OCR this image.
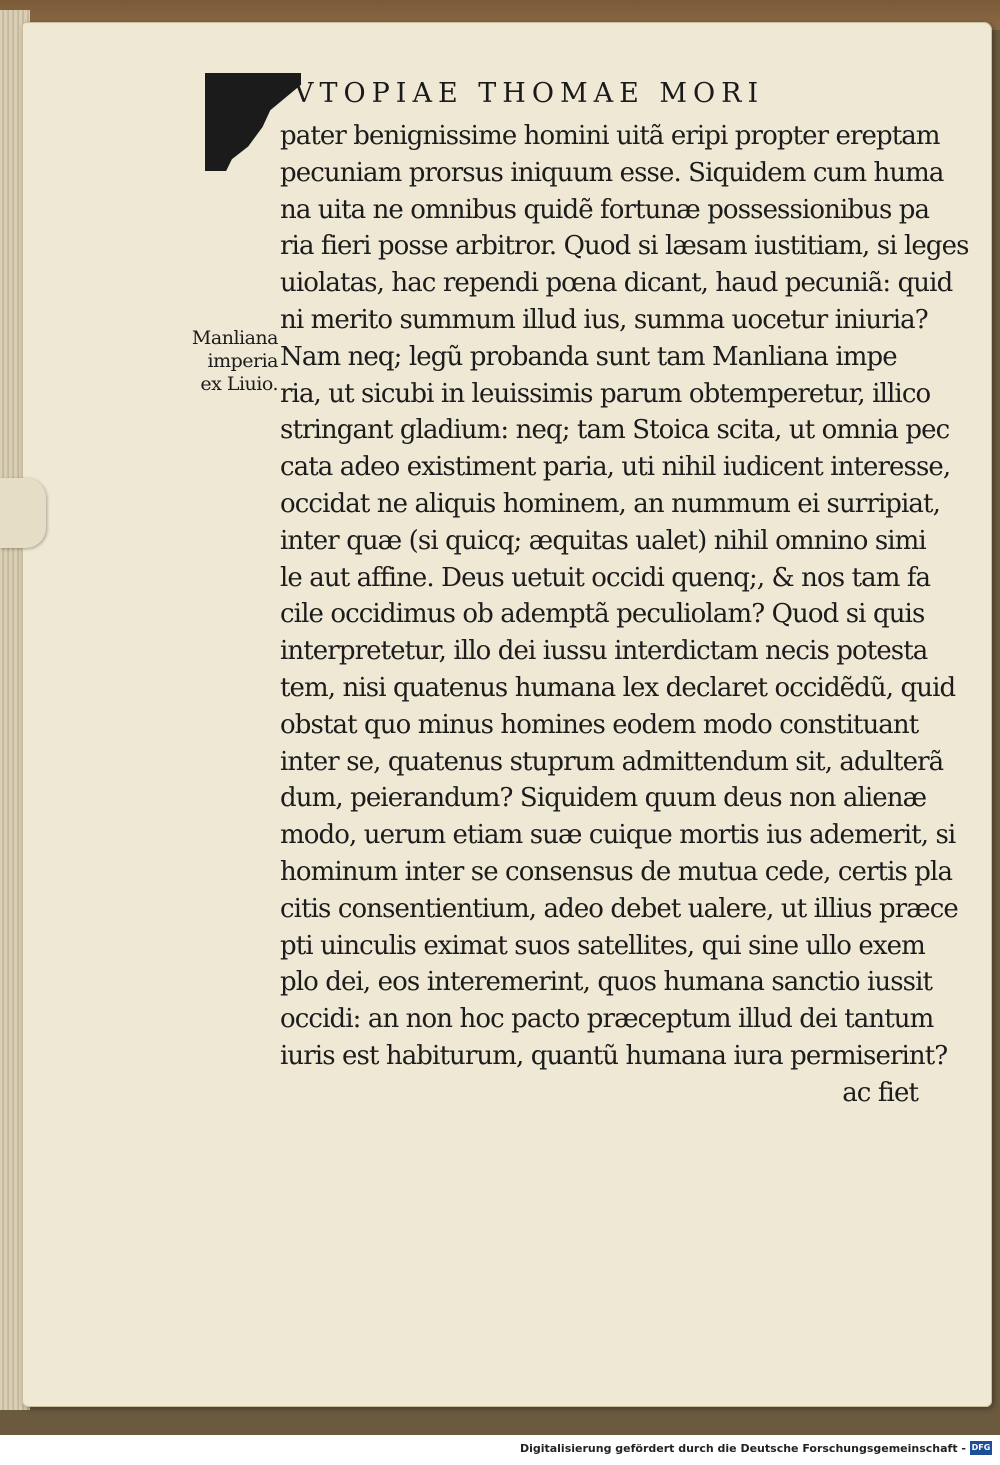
VTOPIAE THOMAE MORI
Manliana
imperia
ex Liuio.
pater benignissime homini uitã eripi propter ereptam
pecuniam prorsus iniquum esse. Siquidem cum huma
na uita ne omnibus quidẽ fortunæ possessionibus pa
ria fieri posse arbitror. Quod si læsam iustitiam, si leges
uiolatas, hac rependi pœna dicant, haud pecuniã: quid
ni merito summum illud ius, summa uocetur iniuria?
Nam neq; legũ probanda sunt tam Manliana impe
ria, ut sicubi in leuissimis parum obtemperetur, illico
stringant gladium: neq; tam Stoica scita, ut omnia pec
cata adeo existiment paria, uti nihil iudicent interesse,
occidat ne aliquis hominem, an nummum ei surripiat,
inter quæ (si quicq; æquitas ualet) nihil omnino simi
le aut affine. Deus uetuit occidi quenq;, & nos tam fa
cile occidimus ob ademptã peculiolam? Quod si quis
interpretetur, illo dei iussu interdictam necis potesta
tem, nisi quatenus humana lex declaret occidẽdũ, quid
obstat quo minus homines eodem modo constituant
inter se, quatenus stuprum admittendum sit, adulterã
dum, peierandum? Siquidem quum deus non alienæ
modo, uerum etiam suæ cuique mortis ius ademerit, si
hominum inter se consensus de mutua cede, certis pla
citis consentientium, adeo debet ualere, ut illius præce
pti uinculis eximat suos satellites, qui sine ullo exem
plo dei, eos interemerint, quos humana sanctio iussit
occidi: an non hoc pacto præceptum illud dei tantum
iuris est habiturum, quantũ humana iura permiserint?
ac fiet
Digitalisierung gefördert durch die Deutsche Forschungsgemeinschaft - DFG
